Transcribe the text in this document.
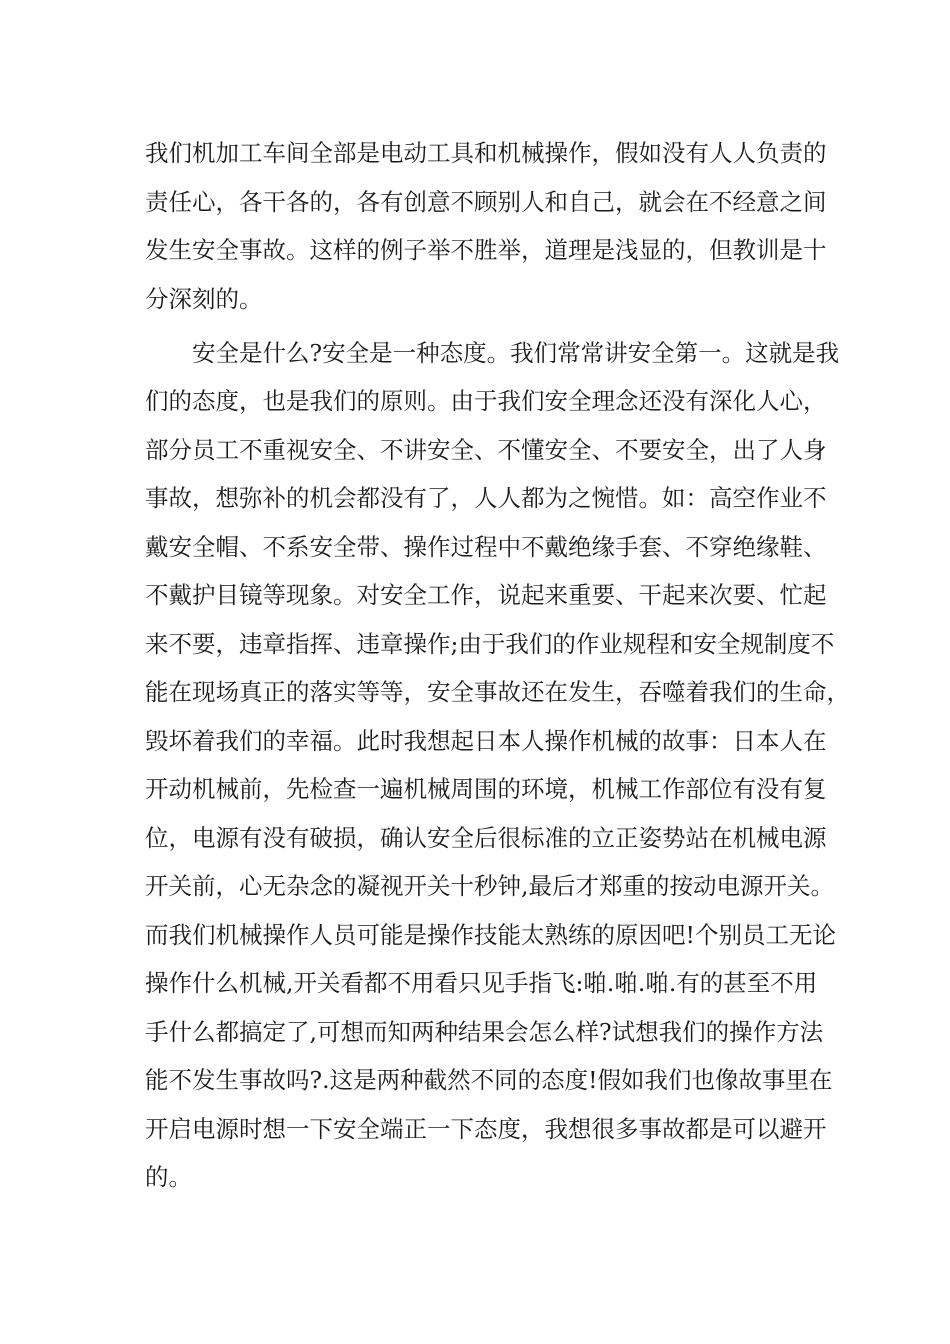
我们机加工车间全部是电动工具和机械操作，假如没有人人负责的

责任心，各干各的，各有创意不顾别人和自己，就会在不经意之间

发生安全事故。这样的例子举不胜举，道理是浅显的，但教训是十

分深刻的。

安全是什么?安全是一种态度。我们常常讲安全第一。这就是我

们的态度，也是我们的原则。由于我们安全理念还没有深化人心，

部分员工不重视安全、不讲安全、不懂安全、不要安全，出了人身

事故，想弥补的机会都没有了，人人都为之惋惜。如：高空作业不

戴安全帽、不系安全带、操作过程中不戴绝缘手套、不穿绝缘鞋、

不戴护目镜等现象。对安全工作，说起来重要、干起来次要、忙起

来不要，违章指挥、违章操作;由于我们的作业规程和安全规制度不

能在现场真正的落实等等，安全事故还在发生，吞噬着我们的生命，

毁坏着我们的幸福。此时我想起日本人操作机械的故事：日本人在

开动机械前，先检查一遍机械周围的环境，机械工作部位有没有复

位，电源有没有破损，确认安全后很标准的立正姿势站在机械电源

开关前，心无杂念的凝视开关十秒钟,最后才郑重的按动电源开关。

而我们机械操作人员可能是操作技能太熟练的原因吧!个别员工无论

操作什么机械,开关看都不用看只见手指飞:啪.啪.啪.有的甚至不用

手什么都搞定了,可想而知两种结果会怎么样?试想我们的操作方法

能不发生事故吗?.这是两种截然不同的态度!假如我们也像故事里在

开启电源时想一下安全端正一下态度，我想很多事故都是可以避开

的。
